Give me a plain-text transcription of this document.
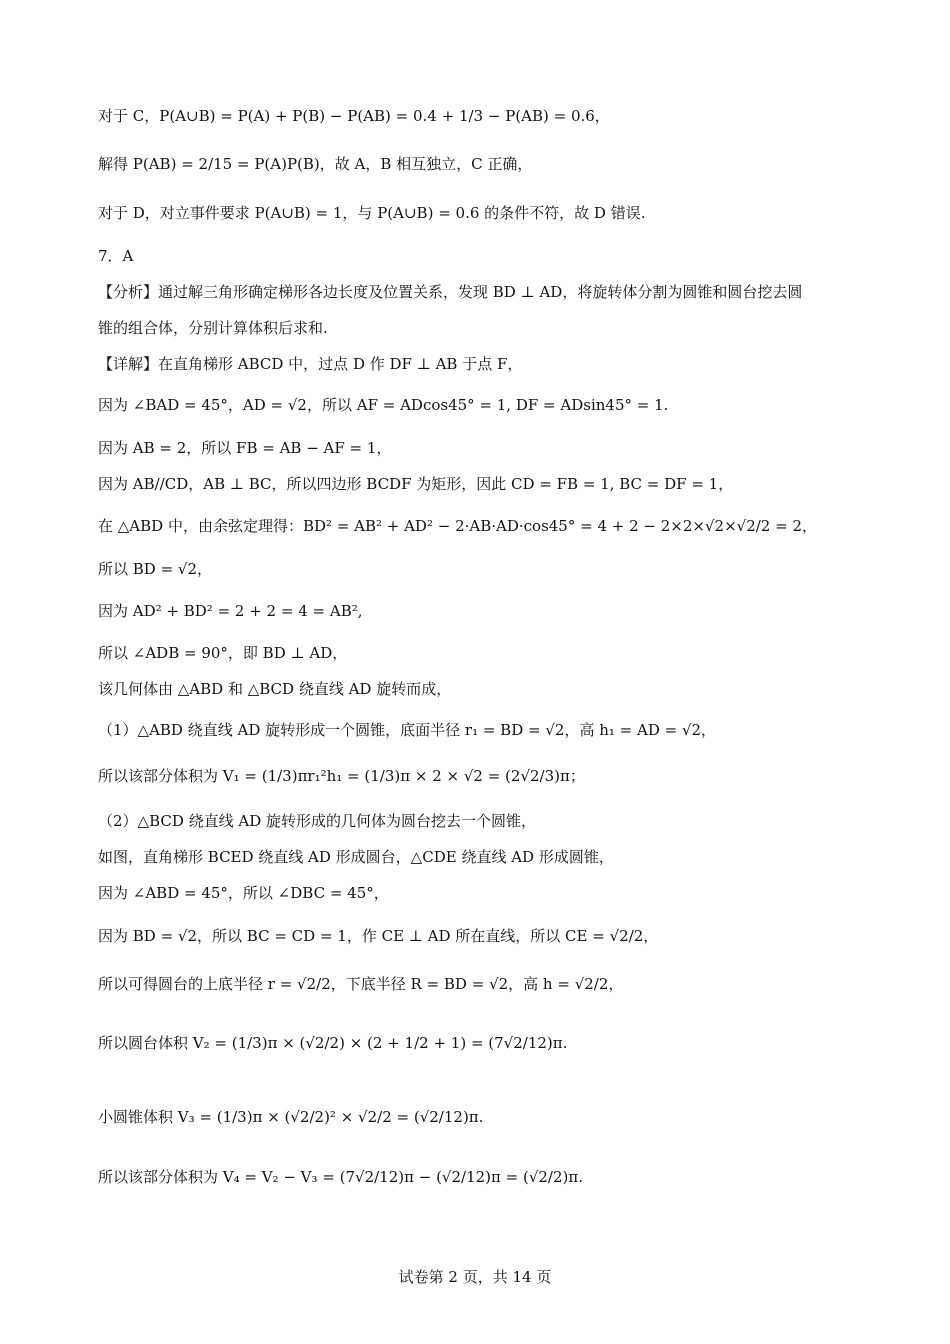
对于 C，P(A∪B) = P(A) + P(B) − P(AB) = 0.4 + 1/3 − P(AB) = 0.6，
解得 P(AB) = 2/15 = P(A)P(B)，故 A，B 相互独立，C 正确，
对于 D，对立事件要求 P(A∪B) = 1，与 P(A∪B) = 0.6 的条件不符，故 D 错误.
7．A
【分析】通过解三角形确定梯形各边长度及位置关系，发现 BD ⊥ AD，将旋转体分割为圆锥和圆台挖去圆
锥的组合体，分别计算体积后求和.
【详解】在直角梯形 ABCD 中，过点 D 作 DF ⊥ AB 于点 F，
因为 ∠BAD = 45°，AD = √2，所以 AF = ADcos45° = 1, DF = ADsin45° = 1.
因为 AB = 2，所以 FB = AB − AF = 1，
因为 AB//CD，AB ⊥ BC，所以四边形 BCDF 为矩形，因此 CD = FB = 1, BC = DF = 1，
在 △ABD 中，由余弦定理得：BD² = AB² + AD² − 2·AB·AD·cos45° = 4 + 2 − 2×2×√2×√2/2 = 2，
所以 BD = √2，
因为 AD² + BD² = 2 + 2 = 4 = AB²,
所以 ∠ADB = 90°，即 BD ⊥ AD，
该几何体由 △ABD 和 △BCD 绕直线 AD 旋转而成，
（1）△ABD 绕直线 AD 旋转形成一个圆锥，底面半径 r₁ = BD = √2，高 h₁ = AD = √2，
所以该部分体积为 V₁ = (1/3)πr₁²h₁ = (1/3)π × 2 × √2 = (2√2/3)π；
（2）△BCD 绕直线 AD 旋转形成的几何体为圆台挖去一个圆锥，
如图，直角梯形 BCED 绕直线 AD 形成圆台，△CDE 绕直线 AD 形成圆锥，
因为 ∠ABD = 45°，所以 ∠DBC = 45°，
因为 BD = √2，所以 BC = CD = 1，作 CE ⊥ AD 所在直线，所以 CE = √2/2，
所以可得圆台的上底半径 r = √2/2，下底半径 R = BD = √2，高 h = √2/2，
所以圆台体积 V₂ = (1/3)π × (√2/2) × (2 + 1/2 + 1) = (7√2/12)π.
小圆锥体积 V₃ = (1/3)π × (√2/2)² × √2/2 = (√2/12)π.
所以该部分体积为 V₄ = V₂ − V₃ = (7√2/12)π − (√2/12)π = (√2/2)π.
试卷第 2 页，共 14 页
